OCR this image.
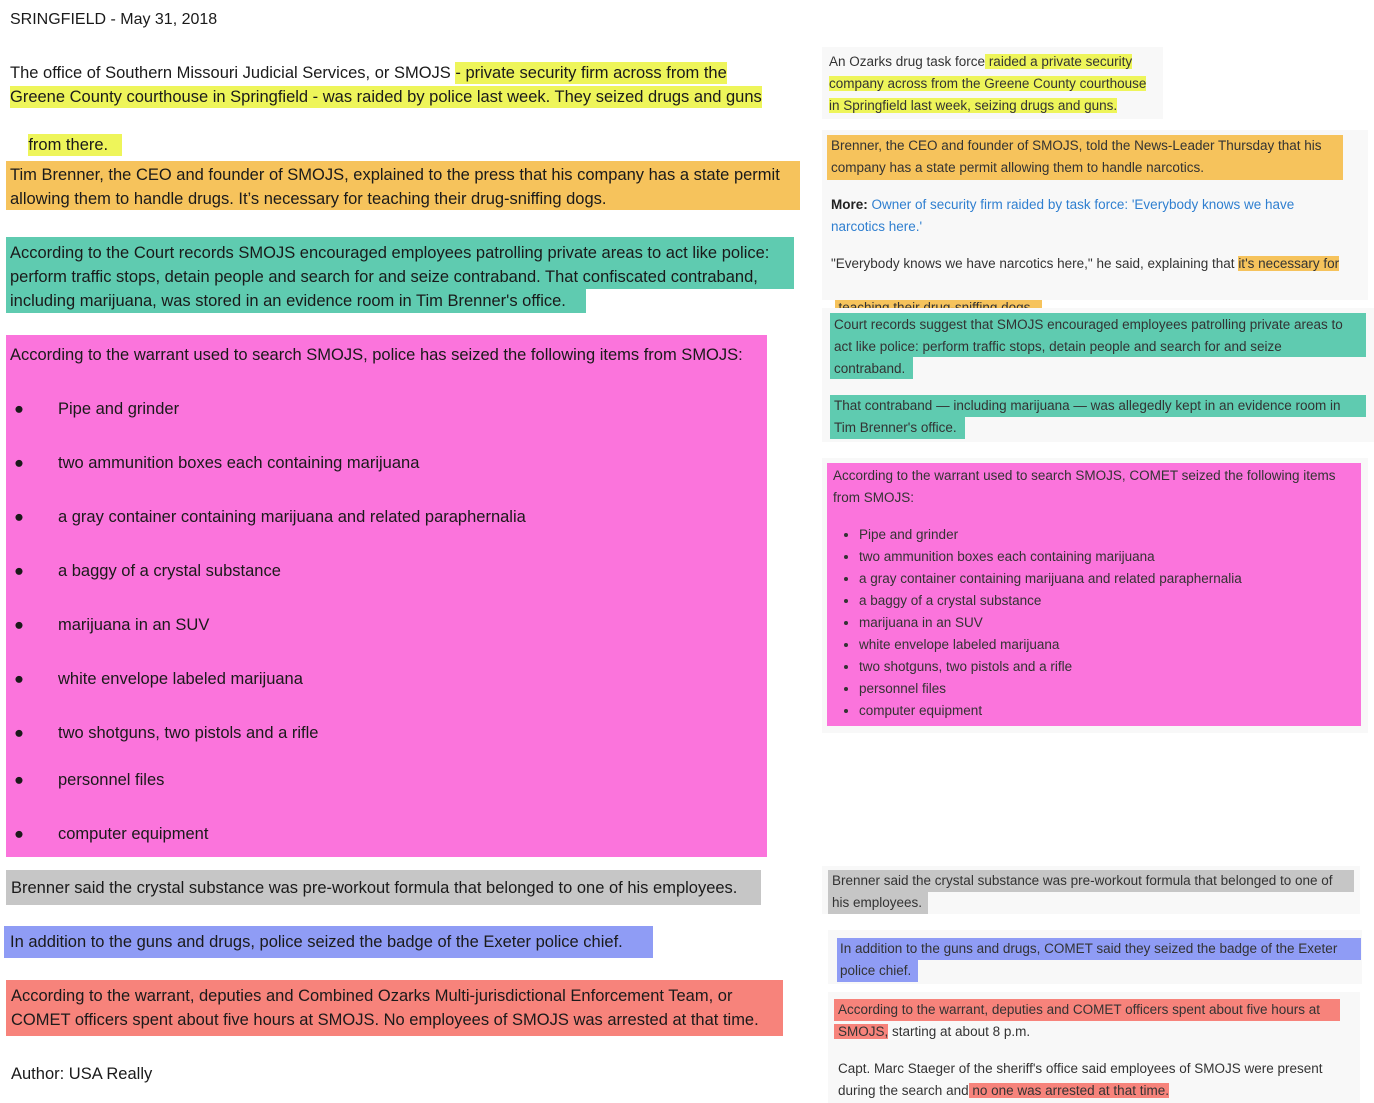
SRINGFIELD - May 31, 2018
The office of Southern Missouri Judicial Services, or SMOJS - private security firm across from the
Greene County courthouse in Springfield - was raided by police last week. They seized drugs and guns

from there.

Tim Brenner, the CEO and founder of SMOJS, explained to the press that his company has a state permit
allowing them to handle drugs. It’s necessary for teaching their drug-sniffing dogs.
According to the Court records SMOJS encouraged employees patrolling private areas to act like police:
perform traffic stops, detain people and search for and seize contraband. That confiscated contraband,
including marijuana, was stored in an evidence room in Tim Brenner's office.
According to the warrant used to search SMOJS, police has seized the following items from SMOJS:
● Pipe and grinder
● two ammunition boxes each containing marijuana
● a gray container containing marijuana and related paraphernalia
● a baggy of a crystal substance
● marijuana in an SUV
● white envelope labeled marijuana
● two shotguns, two pistols and a rifle
● personnel files
● computer equipment
Brenner said the crystal substance was pre-workout formula that belonged to one of his employees.
In addition to the guns and drugs, police seized the badge of the Exeter police chief.
According to the warrant, deputies and Combined Ozarks Multi-jurisdictional Enforcement Team, or
COMET officers spent about five hours at SMOJS. No employees of SMOJS was arrested at that time.
Author: USA Really
An Ozarks drug task force raided a private security
company across from the Greene County courthouse
in Springfield last week, seizing drugs and guns.
Brenner, the CEO and founder of SMOJS, told the News-Leader Thursday that his
company has a state permit allowing them to handle narcotics.
More: Owner of security firm raided by task force: 'Everybody knows we have
narcotics here.'
"Everybody knows we have narcotics here," he said, explaining that it's necessary for

Court records suggest that SMOJS encouraged employees patrolling private areas to
act like police: perform traffic stops, detain people and search for and seize
contraband.
That contraband — including marijuana — was allegedly kept in an evidence room in
Tim Brenner's office.
According to the warrant used to search SMOJS, COMET seized the following items
from SMOJS:
• Pipe and grinder
• two ammunition boxes each containing marijuana
• a gray container containing marijuana and related paraphernalia
• a baggy of a crystal substance
• marijuana in an SUV
• white envelope labeled marijuana
• two shotguns, two pistols and a rifle
• personnel files
• computer equipment
Brenner said the crystal substance was pre-workout formula that belonged to one of
his employees.
In addition to the guns and drugs, COMET said they seized the badge of the Exeter
police chief.
According to the warrant, deputies and COMET officers spent about five hours at
SMOJS, starting at about 8 p.m.
Capt. Marc Staeger of the sheriff's office said employees of SMOJS were present
during the search and no one was arrested at that time.
